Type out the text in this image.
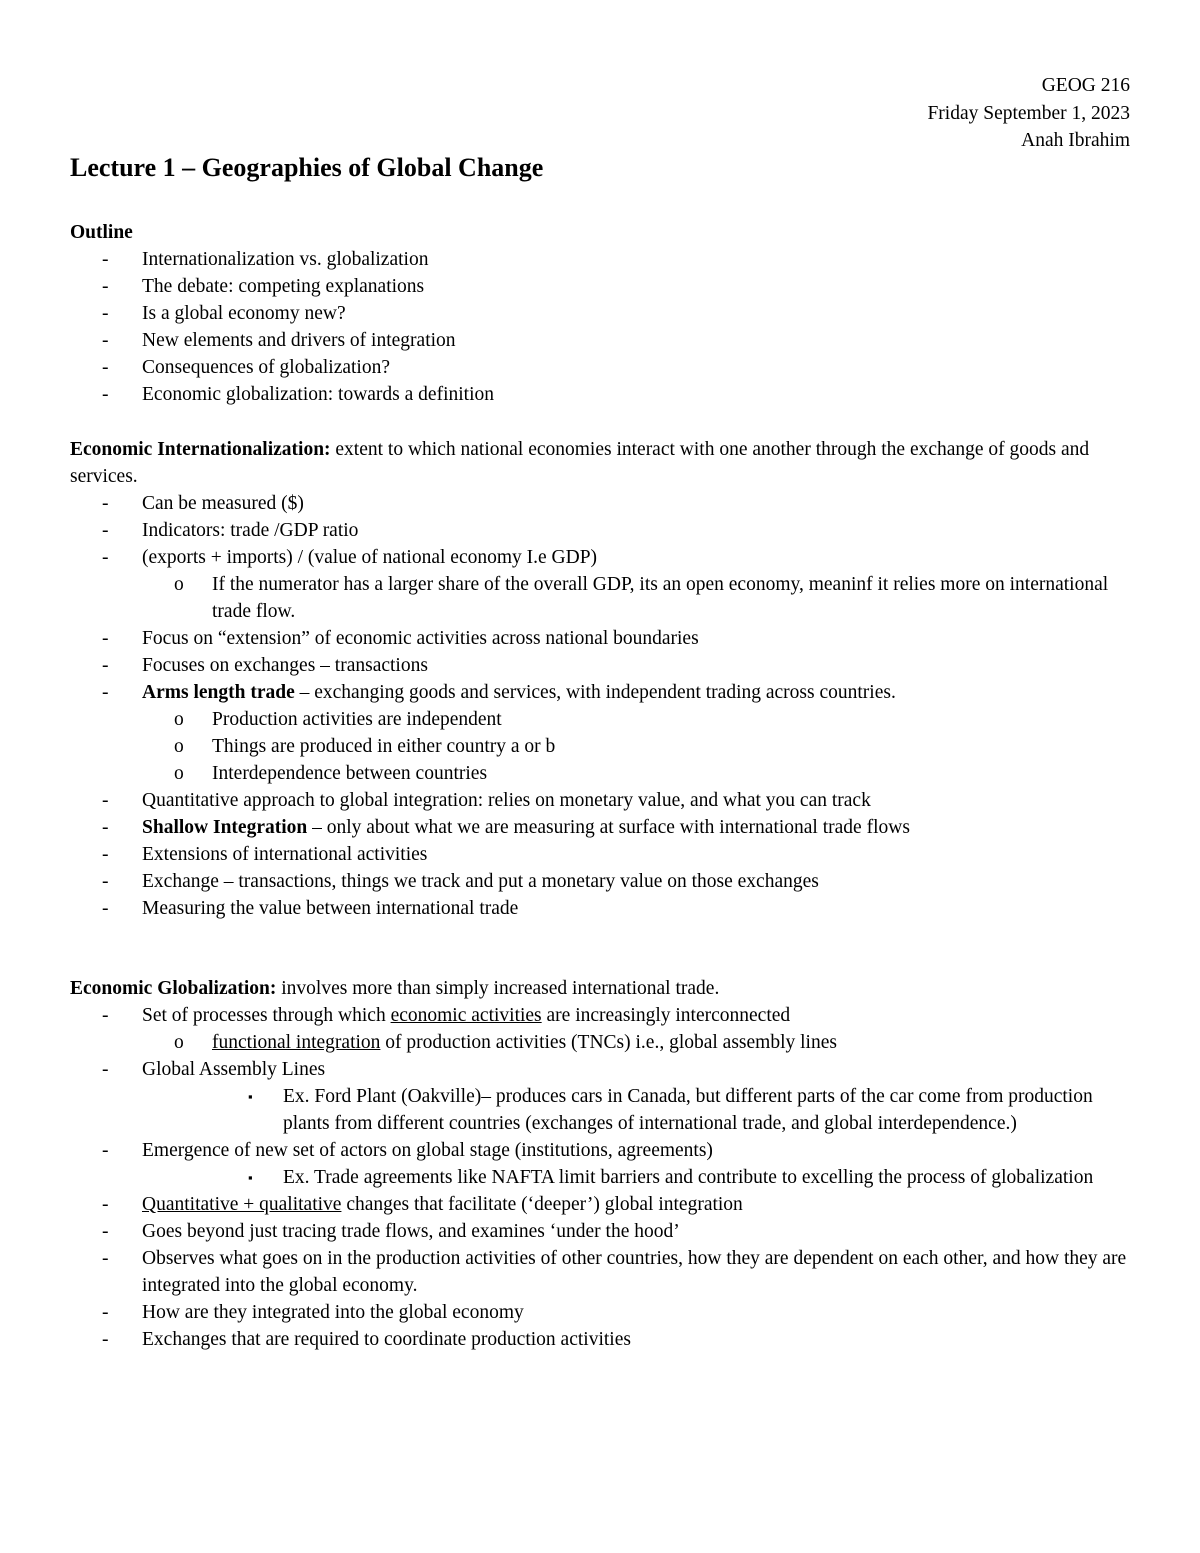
GEOG 216
Friday September 1, 2023
Anah Ibrahim
Lecture 1 – Geographies of Global Change
Outline
- Internationalization vs. globalization
- The debate: competing explanations
- Is a global economy new?
- New elements and drivers of integration
- Consequences of globalization?
- Economic globalization: towards a definition

Economic Internationalization: extent to which national economies interact with one another through the exchange of goods and services.

- Can be measured ($)
- Indicators: trade /GDP ratio
- (exports + imports) / (value of national economy I.e GDP)
o If the numerator has a larger share of the overall GDP, its an open economy, meaninf it relies more on international trade flow.
- Focus on “extension” of economic activities across national boundaries
- Focuses on exchanges – transactions
- Arms length trade – exchanging goods and services, with independent trading across countries.
o Production activities are independent
o Things are produced in either country a or b
o Interdependence between countries
- Quantitative approach to global integration: relies on monetary value, and what you can track
- Shallow Integration – only about what we are measuring at surface with international trade flows
- Extensions of international activities
- Exchange – transactions, things we track and put a monetary value on those exchanges
- Measuring the value between international trade

Economic Globalization: involves more than simply increased international trade.

- Set of processes through which economic activities are increasingly interconnected
o functional integration of production activities (TNCs) i.e., global assembly lines
- Global Assembly Lines
▪ Ex. Ford Plant (Oakville)– produces cars in Canada, but different parts of the car come from production plants from different countries (exchanges of international trade, and global interdependence.)
- Emergence of new set of actors on global stage (institutions, agreements)
▪ Ex. Trade agreements like NAFTA limit barriers and contribute to excelling the process of globalization
- Quantitative + qualitative changes that facilitate (‘deeper’) global integration
- Goes beyond just tracing trade flows, and examines ‘under the hood’
- Observes what goes on in the production activities of other countries, how they are dependent on each other, and how they are integrated into the global economy.
- How are they integrated into the global economy
- Exchanges that are required to coordinate production activities
